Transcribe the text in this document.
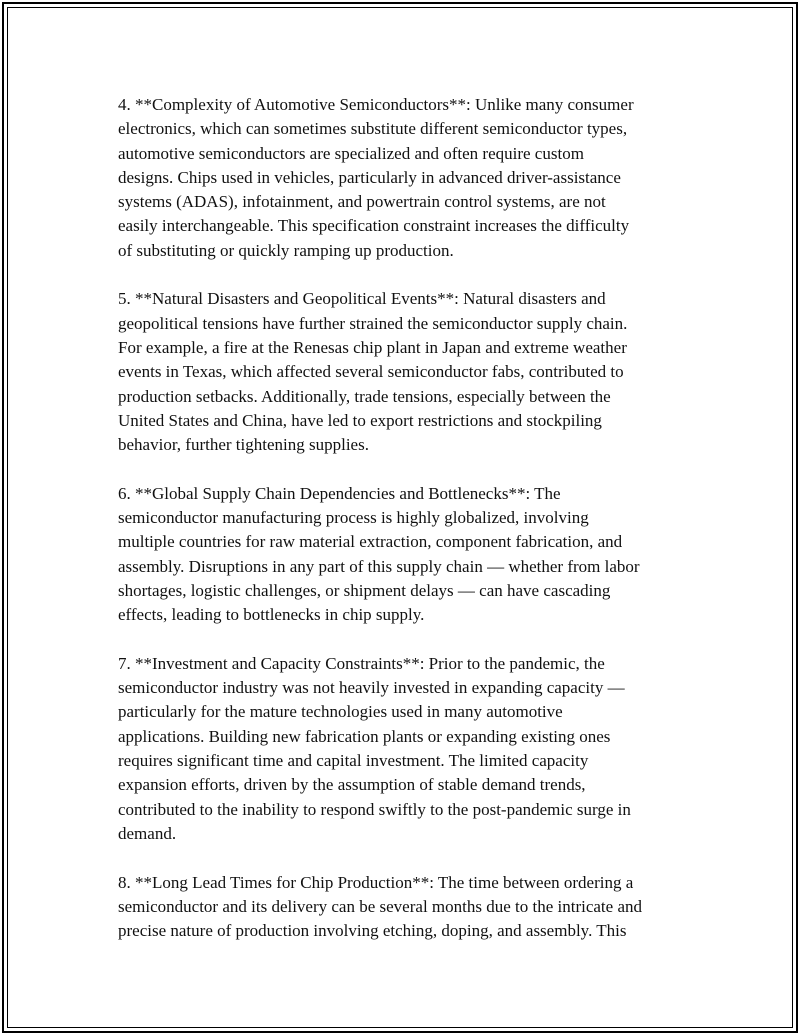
4. **Complexity of Automotive Semiconductors**: Unlike many consumer
electronics, which can sometimes substitute different semiconductor types,
automotive semiconductors are specialized and often require custom
designs. Chips used in vehicles, particularly in advanced driver-assistance
systems (ADAS), infotainment, and powertrain control systems, are not
easily interchangeable. This specification constraint increases the difficulty
of substituting or quickly ramping up production.

5. **Natural Disasters and Geopolitical Events**: Natural disasters and
geopolitical tensions have further strained the semiconductor supply chain.
For example, a fire at the Renesas chip plant in Japan and extreme weather
events in Texas, which affected several semiconductor fabs, contributed to
production setbacks. Additionally, trade tensions, especially between the
United States and China, have led to export restrictions and stockpiling
behavior, further tightening supplies.

6. **Global Supply Chain Dependencies and Bottlenecks**: The
semiconductor manufacturing process is highly globalized, involving
multiple countries for raw material extraction, component fabrication, and
assembly. Disruptions in any part of this supply chain — whether from labor
shortages, logistic challenges, or shipment delays — can have cascading
effects, leading to bottlenecks in chip supply.

7. **Investment and Capacity Constraints**: Prior to the pandemic, the
semiconductor industry was not heavily invested in expanding capacity —
particularly for the mature technologies used in many automotive
applications. Building new fabrication plants or expanding existing ones
requires significant time and capital investment. The limited capacity
expansion efforts, driven by the assumption of stable demand trends,
contributed to the inability to respond swiftly to the post-pandemic surge in
demand.

8. **Long Lead Times for Chip Production**: The time between ordering a
semiconductor and its delivery can be several months due to the intricate and
precise nature of production involving etching, doping, and assembly. This
